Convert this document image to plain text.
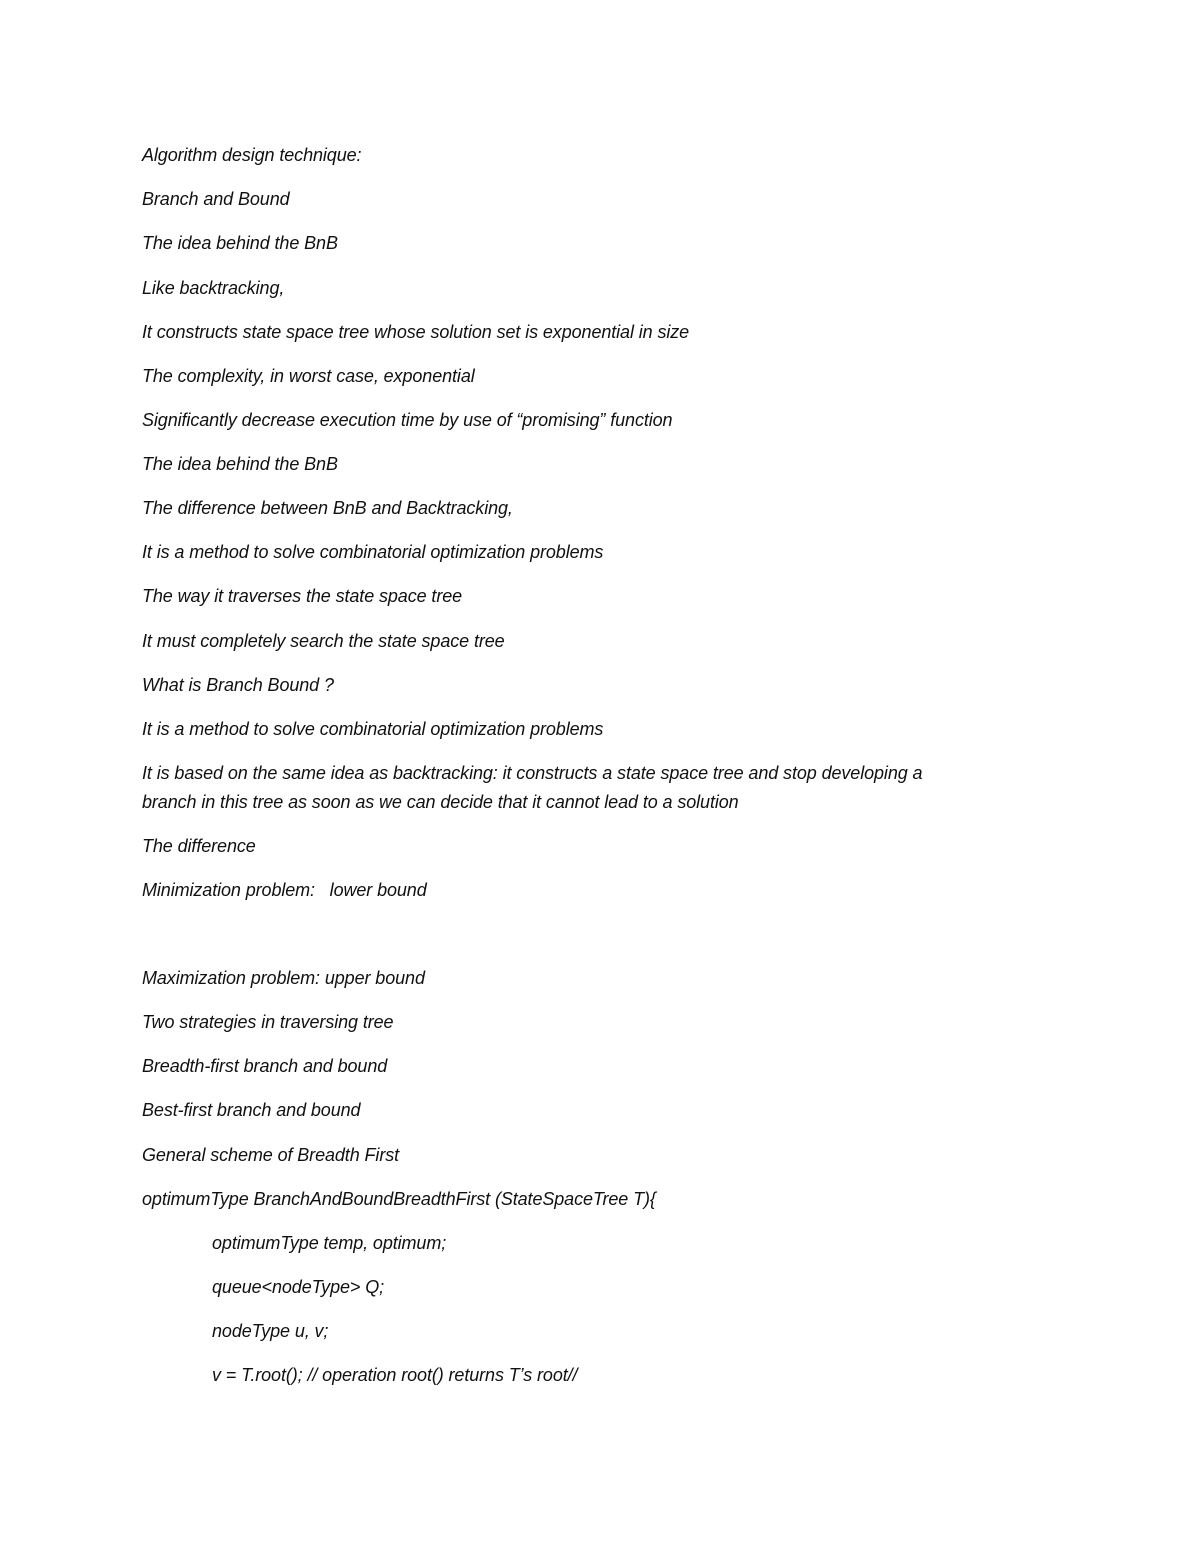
Algorithm design technique:
Branch and Bound
The idea behind the BnB
Like backtracking,
It constructs state space tree whose solution set is exponential in size
The complexity, in worst case, exponential
Significantly decrease execution time by use of “promising” function
The idea behind the BnB
The difference between BnB and Backtracking,
It is a method to solve combinatorial optimization problems
The way it traverses the state space tree
It must completely search the state space tree
What is Branch Bound ?
It is a method to solve combinatorial optimization problems
It is based on the same idea as backtracking: it constructs a state space tree and stop developing a
branch in this tree as soon as we can decide that it cannot lead to a solution
The difference
Minimization problem:   lower bound
Maximization problem: upper bound
Two strategies in traversing tree
Breadth-first branch and bound
Best-first branch and bound
General scheme of Breadth First
optimumType BranchAndBoundBreadthFirst (StateSpaceTree T){
optimumType temp, optimum;
queue<nodeType> Q;
nodeType u, v;
v = T.root(); // operation root() returns T’s root//
